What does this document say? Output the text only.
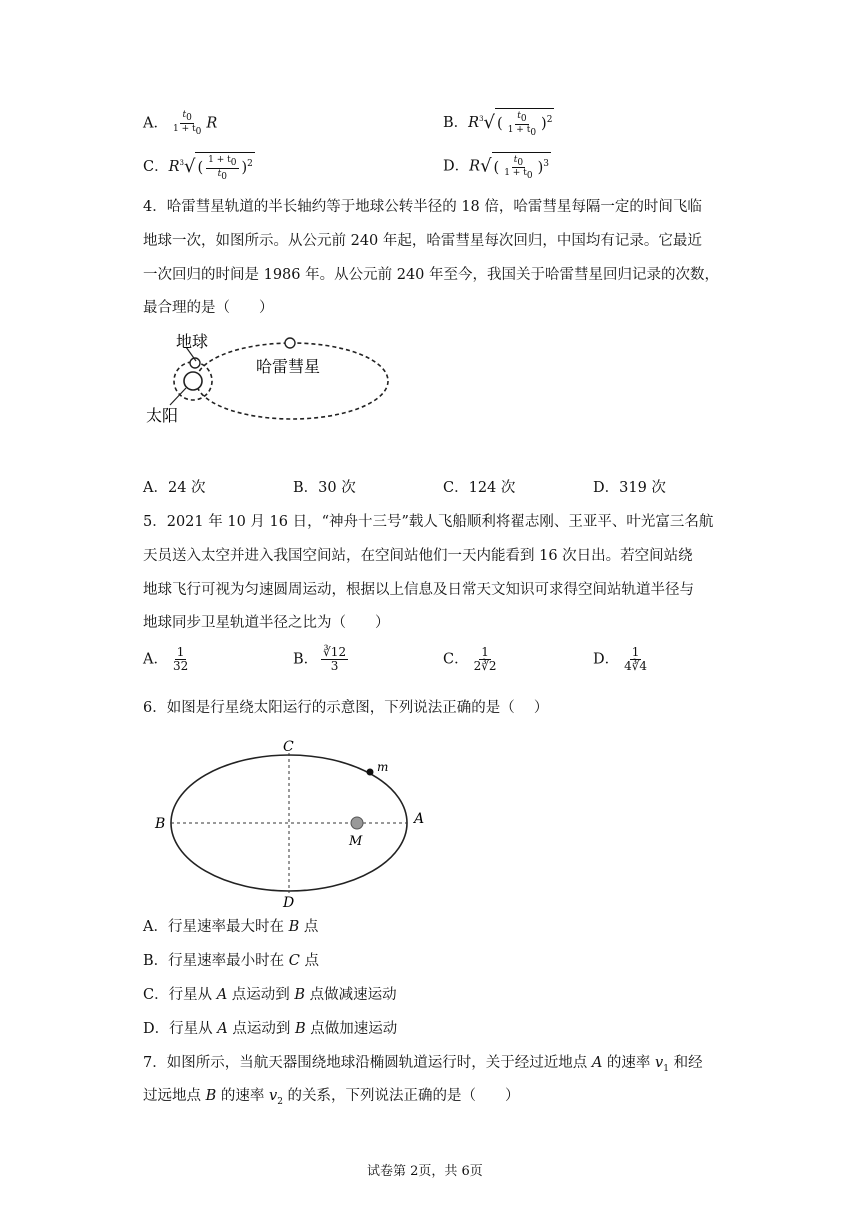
A． $\frac{t_0}{1 + t_0}$ R	B．$R^3√$ ( $\frac{t_0}{1 + t_0} )^2$
C．$R^3√$ ( $\frac{1 + t_0}{t_0} )^2$	D．R√ ( $\frac{t_0}{1 + t_0} )^3$
4．哈雷彗星轨道的半长轴约等于地球公转半径的 18 倍，哈雷彗星每隔一定的时间飞临
地球一次，如图所示。从公元前 240 年起，哈雷彗星每次回归，中国均有记录。它最近
一次回归的时间是 1986 年。从公元前 240 年至今，我国关于哈雷彗星回归记录的次数，
最合理的是（　　）
地球
哈雷彗星
太阳
A．24 次	B．30 次	C．124 次	D．319 次
5．2021 年 10 月 16 日，“神舟十三号”载人飞船顺利将翟志刚、王亚平、叶光富三名航
天员送入太空并进入我国空间站，在空间站他们一天内能看到 16 次日出。若空间站绕
地球飞行可视为匀速圆周运动，根据以上信息及日常天文知识可求得空间站轨道半径与
地球同步卫星轨道半径之比为（　　）
A． $\frac{1}{32}$	B． $\frac{∛12}{3}$	C． $\frac{1}{2∛2}$	D． $\frac{1}{4∛4}$
6．如图是行星绕太阳运行的示意图，下列说法正确的是（　 ）
C
m
B	A
M
D
A．行星速率最大时在 B 点
B．行星速率最小时在 C 点
C．行星从 A 点运动到 B 点做减速运动
D．行星从 A 点运动到 B 点做加速运动
7．如图所示，当航天器围绕地球沿椭圆轨道运行时，关于经过近地点 A 的速率 $v_1$ 和经
过远地点 B 的速率 $v_2$ 的关系，下列说法正确的是（　　）
试卷第 2页，共 6页
